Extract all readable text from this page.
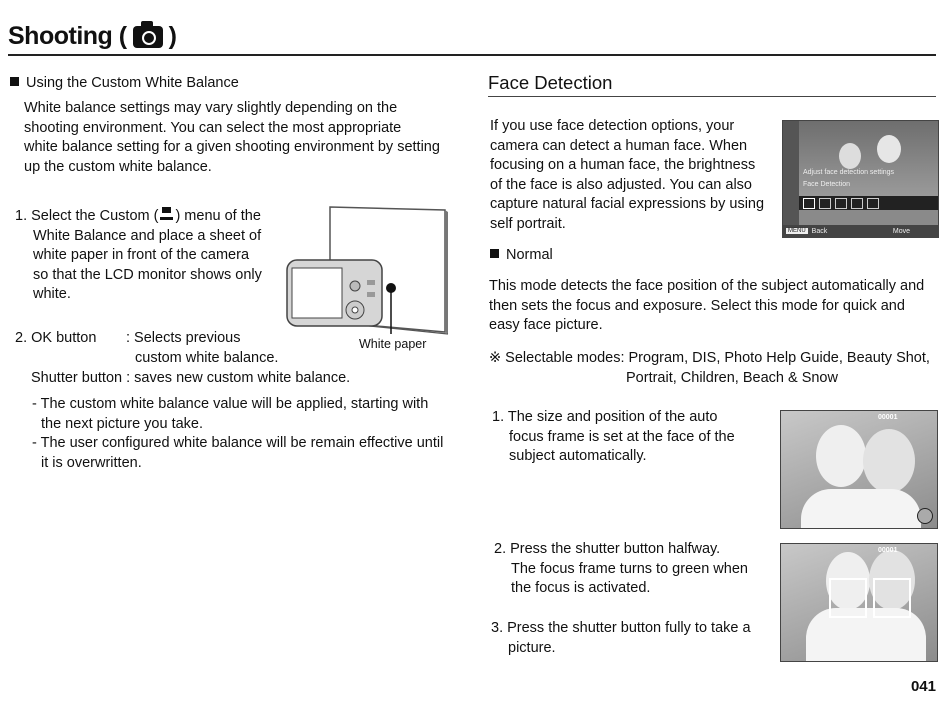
Shooting ( )
Using the Custom White Balance
White balance settings may vary slightly depending on the
shooting environment. You can select the most appropriate
white balance setting for a given shooting environment by setting
up the custom white balance.
1. Select the Custom ( ) menu of the
White Balance and place a sheet of
white paper in front of the camera
so that the LCD monitor shows only
white.
White paper
2. OK button : Selects previous
custom white balance.
Shutter button : saves new custom white balance.
- The custom white balance value will be applied, starting with
the next picture you take.
- The user configured white balance will be remain effective until
it is overwritten.
Face Detection
If you use face detection options, your
camera can detect a human face. When
focusing on a human face, the brightness
of the face is also adjusted. You can also
capture natural facial expressions by using
self portrait.
Adjust face detection settings
Face Detection
MENU Back	Move
Normal
This mode detects the face position of the subject automatically and
then sets the focus and exposure. Select this mode for quick and
easy face picture.
※ Selectable modes: Program, DIS, Photo Help Guide, Beauty Shot,
Portrait, Children, Beach & Snow
1. The size and position of the auto
focus frame is set at the face of the
subject automatically.
00001
2. Press the shutter button halfway.
The focus frame turns to green when
the focus is activated.
00001
3. Press the shutter button fully to take a
picture.
041
